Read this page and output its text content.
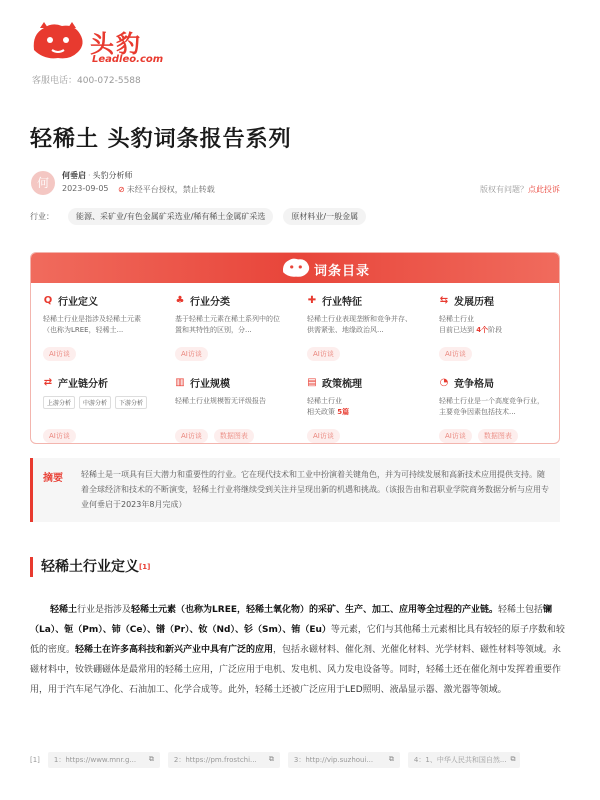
头豹
Leadleo.com
客服电话：400-072-5588
轻稀土 头豹词条报告系列
何
何垂启 · 头豹分析师
2023-09-05 ⊘ 未经平台授权，禁止转载	版权有问题？点此投诉
行业：	能源、采矿业/有色金属矿采选业/稀有稀土金属矿采选	原材料业/一般金属
词条目录
Q 行业定义
轻稀土行业是指涉及轻稀土元素（也称为LREE，轻稀土...
AI访谈
♣ 行业分类
基于轻稀土元素在稀土系列中的位置和其特性的区别，分...
AI访谈
✚ 行业特征
轻稀土行业表现垄断和竞争并存、供需紧张、地缘政治风...
AI访谈
⇆ 发展历程
轻稀土行业
目前已达到 4个阶段
AI访谈
⇄ 产业链分析
上游分析	中游分析	下游分析
AI访谈
▥ 行业规模
轻稀土行业规模暂无评级报告
AI访谈	数据图表
▤ 政策梳理
轻稀土行业
相关政策 5篇
AI访谈
◔ 竞争格局
轻稀土行业是一个高度竞争行业，主要竞争因素包括技术...
AI访谈	数据图表
摘要 轻稀土是一项具有巨大潜力和重要性的行业。它在现代技术和工业中扮演着关键角色，并为可持续发展和高新技术应用提供支持。随着全球经济和技术的不断演变，轻稀土行业将继续受到关注并呈现出新的机遇和挑战。（该报告由和君职业学院商务数据分析与应用专业何垂启于2023年8月完成）

轻稀土行业定义[1]

轻稀土行业是指涉及轻稀土元素（也称为LREE，轻稀土氧化物）的采矿、生产、加工、应用等全过程的产业链。轻稀土包括镧（La）、钷（Pm）、铈（Ce）、镨（Pr）、钕（Nd）、钐（Sm）、铕（Eu）等元素，它们与其他稀土元素相比具有较轻的原子序数和较低的密度。轻稀土在许多高科技和新兴产业中具有广泛的应用，包括永磁材料、催化剂、光催化材料、光学材料、磁性材料等领域。永磁材料中，钕铁硼磁体是最常用的轻稀土应用，广泛应用于电机、发电机、风力发电设备等。同时，轻稀土还在催化剂中发挥着重要作用，用于汽车尾气净化、石油加工、化学合成等。此外，轻稀土还被广泛应用于LED照明、液晶显示器、激光器等领域。

[1] 1：https://www.mnr.g... ⧉	2：https://pm.frostchi... ⧉	3：http://vip.suzhoui... ⧉	4：1、中华人民共和国自然... ⧉
